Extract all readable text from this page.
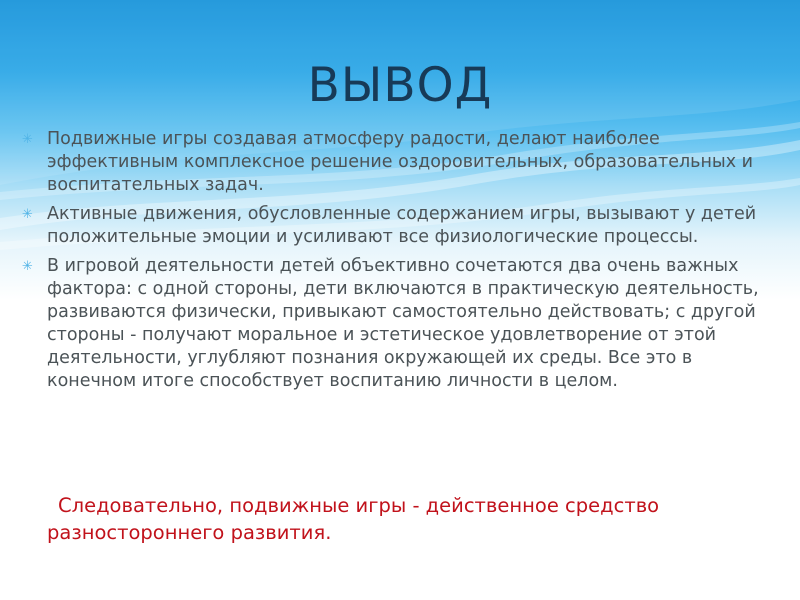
ВЫВОД
✳ Подвижные игры создавая атмосферу радости, делают наиболее эффективным комплексное решение оздоровительных, образовательных и воспитательных задач.
✳ Активные движения, обусловленные содержанием игры, вызывают у детей положительные эмоции и усиливают все физиологические процессы.
✳ В игровой деятельности детей объективно сочетаются два очень важных фактора: с одной стороны, дети включаются в практическую деятельность, развиваются физически, привыкают самостоятельно действовать; с другой стороны - получают моральное и эстетическое удовлетворение от этой деятельности, углубляют познания окружающей их среды. Все это в конечном итоге способствует воспитанию личности в целом.

Следовательно, подвижные игры - действенное средство разностороннего развития.
